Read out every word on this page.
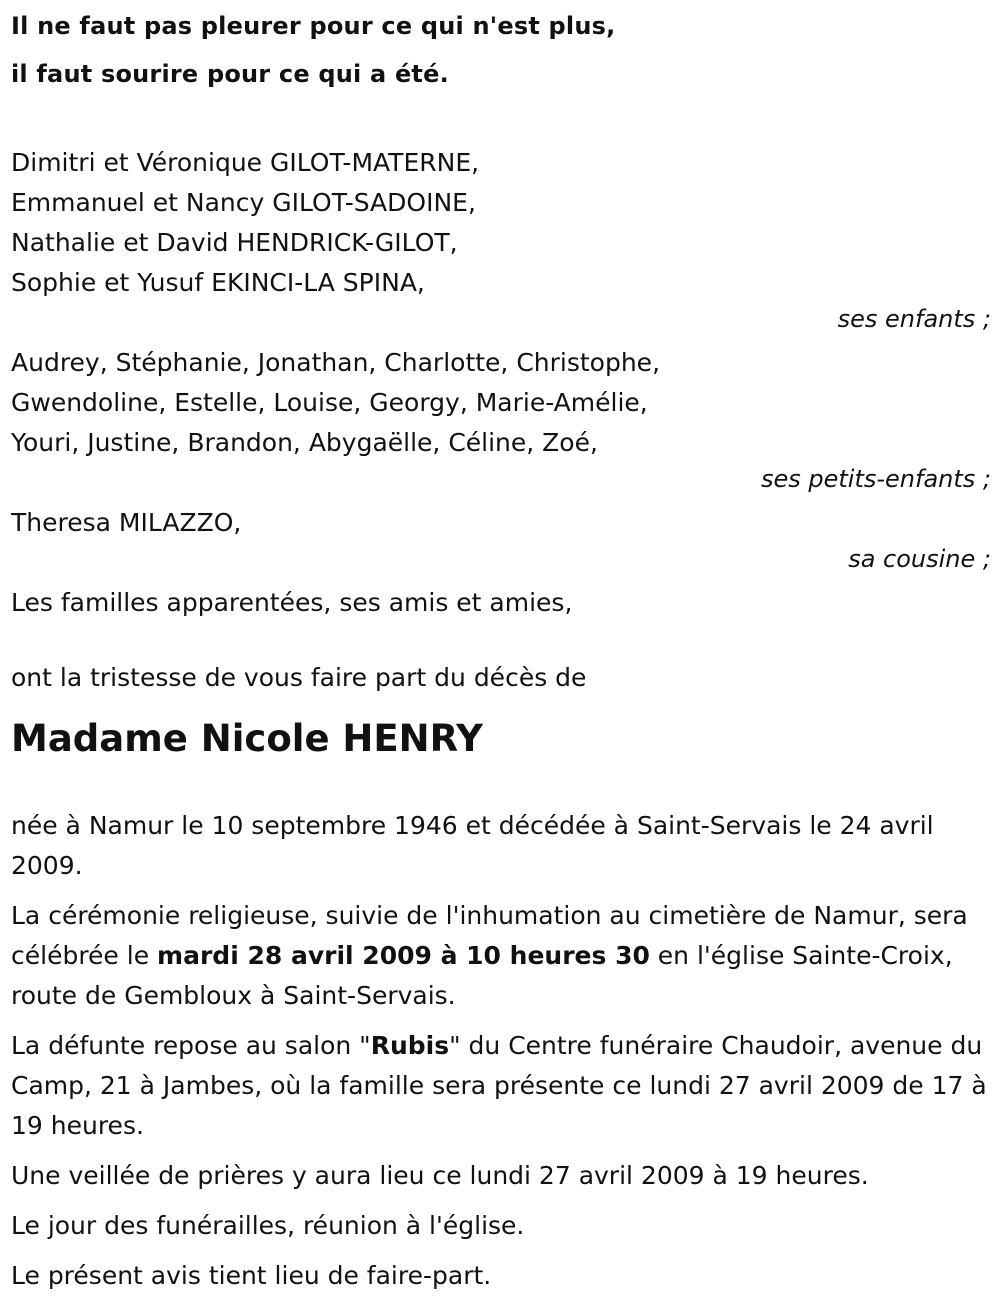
Il ne faut pas pleurer pour ce qui n'est plus,

il faut sourire pour ce qui a été.

Dimitri et Véronique GILOT-MATERNE,

Emmanuel et Nancy GILOT-SADOINE,

Nathalie et David HENDRICK-GILOT,

Sophie et Yusuf EKINCI-LA SPINA,

ses enfants ;

Audrey, Stéphanie, Jonathan, Charlotte, Christophe,

Gwendoline, Estelle, Louise, Georgy, Marie-Amélie,

Youri, Justine, Brandon, Abygaëlle, Céline, Zoé,

ses petits-enfants ;

Theresa MILAZZO,

sa cousine ;

Les familles apparentées, ses amis et amies,

ont la tristesse de vous faire part du décès de

Madame Nicole HENRY

née à Namur le 10 septembre 1946 et décédée à Saint-Servais le 24 avril 2009.

La cérémonie religieuse, suivie de l'inhumation au cimetière de Namur, sera célébrée le mardi 28 avril 2009 à 10 heures 30 en l'église Sainte-Croix, route de Gembloux à Saint-Servais.

La défunte repose au salon "Rubis" du Centre funéraire Chaudoir, avenue du Camp, 21 à Jambes, où la famille sera présente ce lundi 27 avril 2009 de 17 à 19 heures.

Une veillée de prières y aura lieu ce lundi 27 avril 2009 à 19 heures.

Le jour des funérailles, réunion à l'église.

Le présent avis tient lieu de faire-part.
